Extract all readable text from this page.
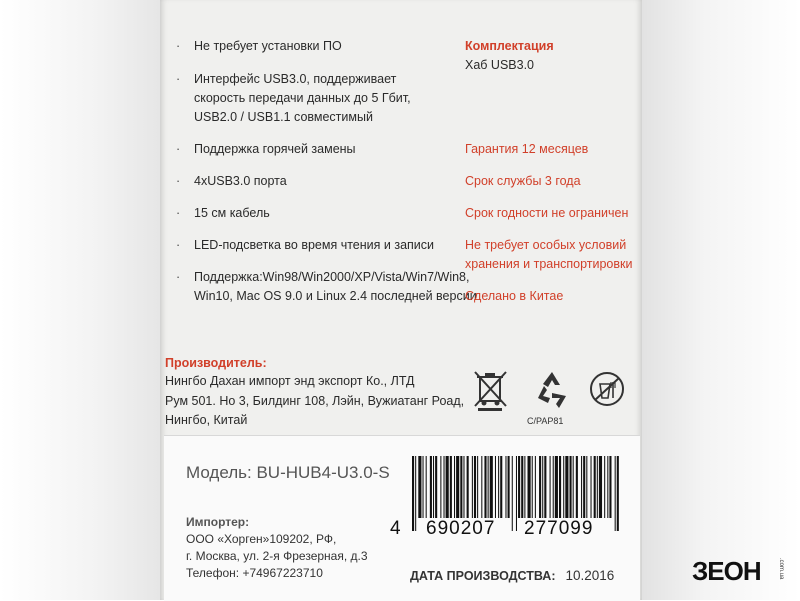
·	Не требует установки ПО
·	Интерфейс USB3.0, поддерживает
скорость передачи данных до 5 Гбит,
USB2.0 / USB1.1 совместимый
·	Поддержка горячей замены
·	4xUSB3.0 порта
·	15 см кабель
·	LED-подсветка во время чтения и записи
·	Поддержка:Win98/Win2000/XP/Vista/Win7/Win8,
Win10, Mac OS 9.0 и Linux 2.4 последней версии
Комплектация
Хаб USB3.0
Гарантия 12 месяцев
Срок службы 3 года
Срок годности не ограничен
Не требует особых условий
хранения и транспортировки
Сделано в Китае
Производитель:
Нингбо Дахан импорт энд экспорт Ко., ЛТД
Рум 501. Но 3, Билдинг 108, Лэйн, Вужиатанг Роад,
Нингбо, Китай	C/PAP81
Модель: BU-HUB4-U3.0-S
Импортер:
ООО «Хорген»109202, РФ,
г. Москва, ул. 2-я Фрезерная, д.3
Телефон: +74967223710
4 690207 277099
ДАТА ПРОИЗВОДСТВА: 10.2016	ЗЕОН	.com.ua
